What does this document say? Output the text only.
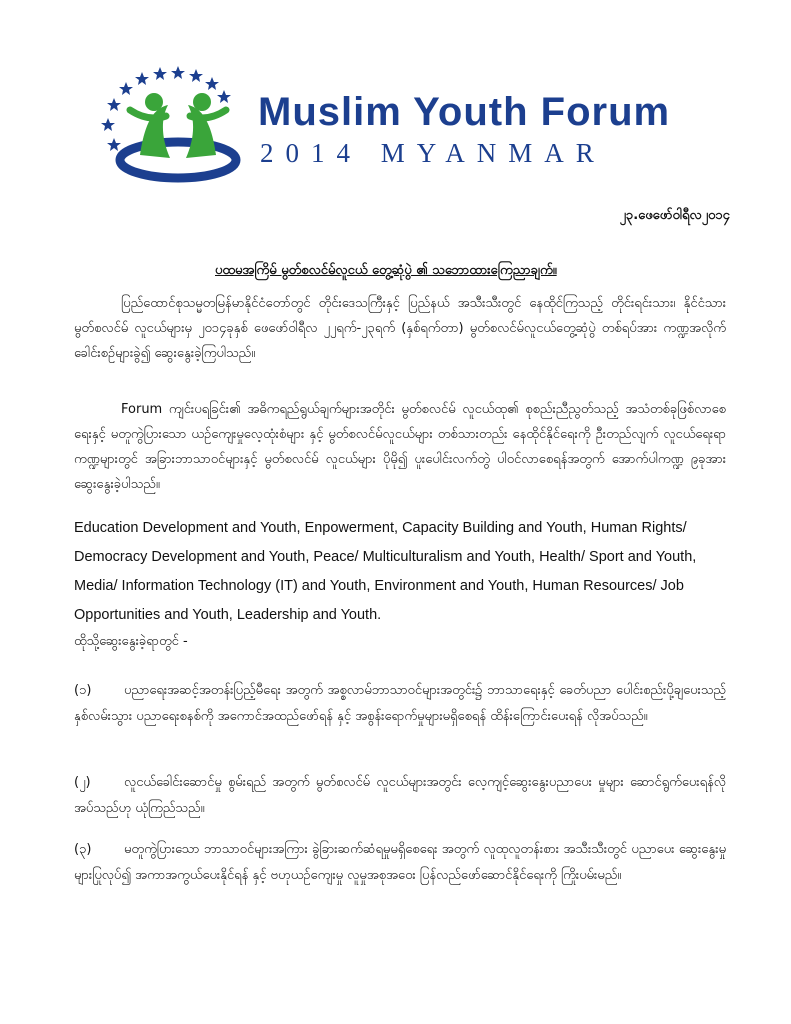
Muslim Youth Forum
2014 MYANMAR
၂၃.ဖေဖော်ဝါရီလ၂၀၁၄
ပထမအကြိမ် မွတ်စလင်မ်လူငယ် တွေ့ဆုံပွဲ ၏ သဘောထားကြေညာချက်။
ပြည်ထောင်စုသမ္မတမြန်မာနိုင်ငံတော်တွင် တိုင်းဒေသကြီးနှင့် ပြည်နယ် အသီးသီးတွင် နေထိုင်ကြသည့် တိုင်းရင်းသား၊ နိုင်ငံသား မွတ်စလင်မ် လူငယ်များမှ ၂၀၁၄ခုနှစ် ဖေဖော်ဝါရီလ ၂၂ရက်-၂၃ရက် (နှစ်ရက်တာ) မွတ်စလင်မ်လူငယ်တွေ့ဆုံပွဲ တစ်ရပ်အား ကဏ္ဍအလိုက် ခေါင်းစဉ်များခွဲ၍ ဆွေးနွေးခဲ့ကြပါသည်။
Forum ကျင်းပရခြင်း၏ အဓိကရည်ရွယ်ချက်များအတိုင်း မွတ်စလင်မ် လူငယ်ထု၏ စုစည်းညီညွတ်သည့် အသံတစ်ခုဖြစ်လာစေရေးနှင့် မတူကွဲပြားသော ယဉ်ကျေးမှုလေ့ထုံးစံများ နှင့် မွတ်စလင်မ်လူငယ်များ တစ်သားတည်း နေထိုင်နိုင်ရေးကို ဦးတည်လျက် လူငယ်ရေးရာ ကဏ္ဍများတွင် အခြားဘာသာဝင်များနှင့် မွတ်စလင်မ် လူငယ်များ ပိုမို၍ ပူးပေါင်းလက်တွဲ ပါဝင်လာစေရန်အတွက် အောက်ပါကဏ္ဍ ၉ခုအားဆွေးနွေးခဲ့ပါသည်။
Education Development and Youth, Enpowerment, Capacity Building and Youth, Human Rights/ Democracy Development and Youth, Peace/ Multiculturalism and Youth, Health/ Sport and Youth, Media/ Information Technology (IT) and Youth, Environment and Youth, Human Resources/ Job Opportunities and Youth, Leadership and Youth.
ထိုသို့ဆွေးနွေးခဲ့ရာတွင် -
(၁)	ပညာရေးအဆင့်အတန်းပြည့်မီရေး အတွက် အစ္စလာမ်ဘာသာဝင်များအတွင်း၌ ဘာသာရေးနှင့် ခေတ်ပညာ ပေါင်းစည်းပို့ချပေးသည့် နှစ်လမ်းသွား ပညာရေးစနစ်ကို အကောင်အထည်ဖော်ရန် နှင့် အစွန်းရောက်မှုများမရှိစေရန် ထိန်းကြောင်းပေးရန် လိုအပ်သည်။
(၂)	လူငယ်ခေါင်းဆောင်မှု စွမ်းရည် အတွက် မွတ်စလင်မ် လူငယ်များအတွင်း လေ့ကျင့်ဆွေးနွေးပညာပေး မှုများ ဆောင်ရွက်ပေးရန်လိုအပ်သည်ဟု ယုံကြည်သည်။
(၃)	မတူကွဲပြားသော ဘာသာဝင်များအကြား ခွဲခြားဆက်ဆံရမှုမရှိစေရေး အတွက် လူထုလူတန်းစား အသီးသီးတွင် ပညာပေး ဆွေးနွေးမှုများပြုလုပ်၍ အကာအကွယ်ပေးနိုင်ရန် နှင့် ဗဟုယဉ်ကျေးမှု လူမှုအစုအဝေး ပြန်လည်ဖော်ဆောင်နိုင်ရေးကို ကြိုးပမ်းမည်။
